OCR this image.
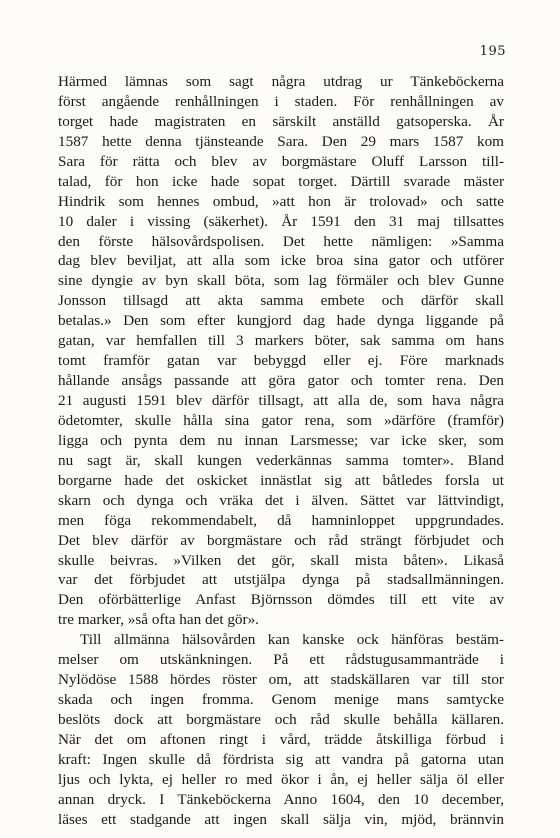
195
Härmed lämnas som sagt några utdrag ur Tänkeböckerna
först angående renhållningen i staden. För renhållningen av
torget hade magistraten en särskilt anställd gatsoperska. År
1587 hette denna tjänsteande Sara. Den 29 mars 1587 kom
Sara för rätta och blev av borgmästare Oluff Larsson till-
talad, för hon icke hade sopat torget. Därtill svarade mäster
Hindrik som hennes ombud, »att hon är trolovad» och satte
10 daler i vissing (säkerhet). År 1591 den 31 maj tillsattes
den förste hälsovårdspolisen. Det hette nämligen: »Samma
dag blev beviljat, att alla som icke broa sina gator och utförer
sine dyngie av byn skall böta, som lag förmäler och blev Gunne
Jonsson tillsagd att akta samma embete och därför skall
betalas.» Den som efter kungjord dag hade dynga liggande på
gatan, var hemfallen till 3 markers böter, sak samma om hans
tomt framför gatan var bebyggd eller ej. Före marknads
hållande ansågs passande att göra gator och tomter rena. Den
21 augusti 1591 blev därför tillsagt, att alla de, som hava några
ödetomter, skulle hålla sina gator rena, som »därföre (framför)
ligga och pynta dem nu innan Larsmesse; var icke sker, som
nu sagt är, skall kungen vederkännas samma tomter». Bland
borgarne hade det oskicket innästlat sig att båtledes forsla ut
skarn och dynga och vräka det i älven. Sättet var lättvindigt,
men föga rekommendabelt, då hamninloppet uppgrundades.
Det blev därför av borgmästare och råd strängt förbjudet och
skulle beivras. »Vilken det gör, skall mista båten». Likaså
var det förbjudet att utstjälpa dynga på stadsallmänningen.
Den oförbätterlige Anfast Björnsson dömdes till ett vite av
tre marker, »så ofta han det gör».
Till allmänna hälsovården kan kanske ock hänföras bestäm-
melser om utskänkningen. På ett rådstugusammanträde i
Nylödöse 1588 hördes röster om, att stadskällaren var till stor
skada och ingen fromma. Genom menige mans samtycke
beslöts dock att borgmästare och råd skulle behålla källaren.
När det om aftonen ringt i vård, trädde åtskilliga förbud i
kraft: Ingen skulle då fördrista sig att vandra på gatorna utan
ljus och lykta, ej heller ro med ökor i ån, ej heller sälja öl eller
annan dryck. I Tänkeböckerna Anno 1604, den 10 december,
läses ett stadgande att ingen skall sälja vin, mjöd, brännvin
